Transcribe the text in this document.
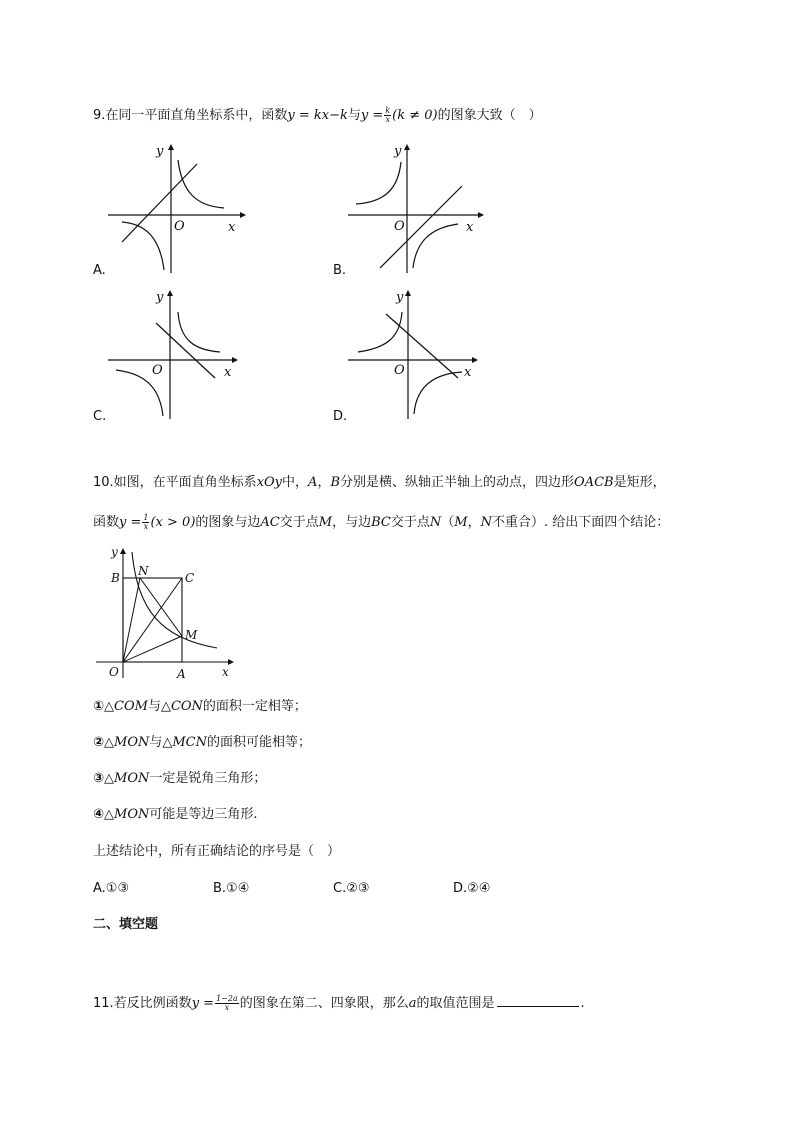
9.在同一平面直角坐标系中，函数y = kx−k与$y = \frac{k}{x} (k \ne 0)$的图象大致（　）
y
x
O
A.
y
x
O
B.
y
x
O
C.
y
x
O
D.
10.如图，在平面直角坐标系xOy中，A，B分别是横、纵轴正半轴上的动点，四边形OACB是矩形，
函数$y = \frac{1}{x} (x > 0)$的图象与边AC交于点M，与边BC交于点N（M，N不重合）. 给出下面四个结论：
y
x
O	A
B	C
N
M
①△COM与△CON的面积一定相等；
②△MON与△MCN的面积可能相等；
③△MON一定是锐角三角形；
④△MON可能是等边三角形.
上述结论中，所有正确结论的序号是（　）
A.①③	B.①④	C.②③	D.②④
二、填空题
11.若反比例函数$y = \frac{1-2a}{x}$ 的图象在第二、四象限，那么a的取值范围是	.
